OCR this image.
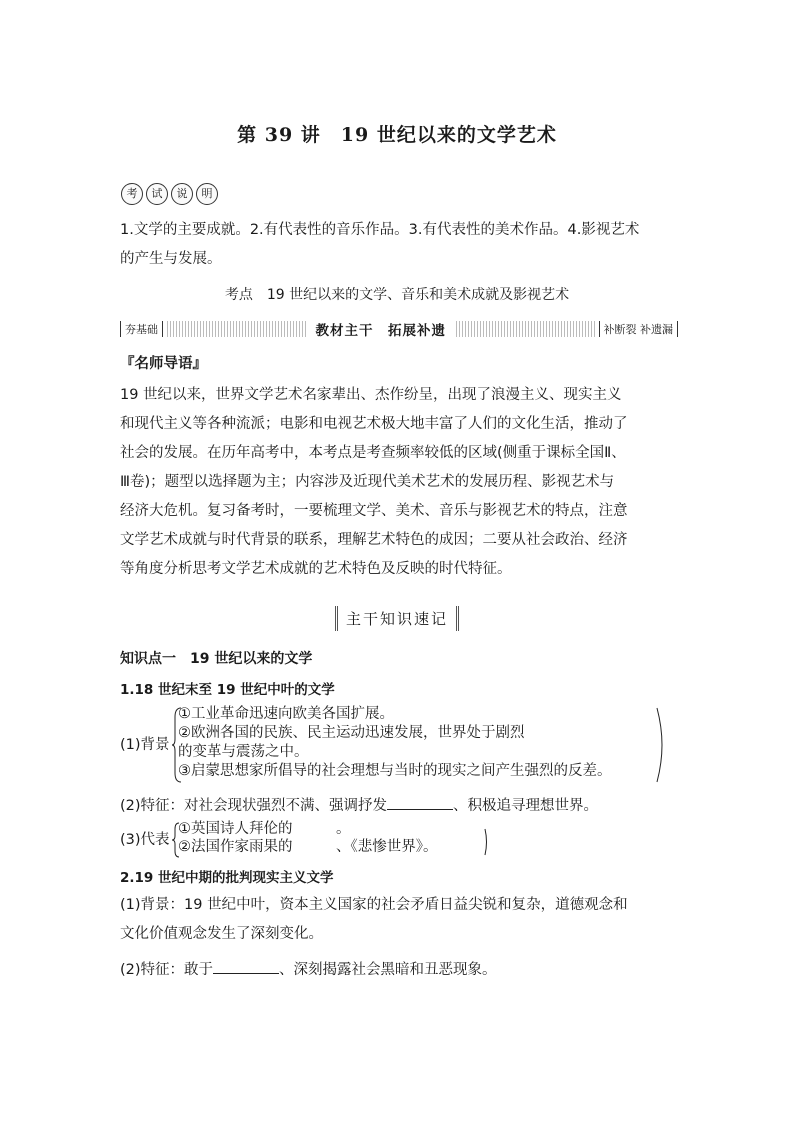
第 39 讲　19 世纪以来的文学艺术
考	试	说	明
1.文学的主要成就。2.有代表性的音乐作品。3.有代表性的美术作品。4.影视艺术
的产生与发展。
考点　19 世纪以来的文学、音乐和美术成就及影视艺术
夯基础	教材主干　拓展补遗	补断裂 补遗漏
『名师导语』
19 世纪以来，世界文学艺术名家辈出、杰作纷呈，出现了浪漫主义、现实主义
和现代主义等各种流派；电影和电视艺术极大地丰富了人们的文化生活，推动了
社会的发展。在历年高考中，本考点是考查频率较低的区域(侧重于课标全国Ⅱ、
Ⅲ卷)；题型以选择题为主；内容涉及近现代美术艺术的发展历程、影视艺术与
经济大危机。复习备考时，一要梳理文学、美术、音乐与影视艺术的特点，注意
文学艺术成就与时代背景的联系，理解艺术特色的成因；二要从社会政治、经济
等角度分析思考文学艺术成就的艺术特色及反映的时代特征。
主干知识速记
知识点一　19 世纪以来的文学
1.18 世纪末至 19 世纪中叶的文学
(1)背景
①工业革命迅速向欧美各国扩展。
②欧洲各国的民族、民主运动迅速发展，世界处于剧烈
的变革与震荡之中。
③启蒙思想家所倡导的社会理想与当时的现实之间产生强烈的反差。
(2)特征：对社会现状强烈不满、强调抒发	、积极追寻理想世界。
(3)代表
①英国诗人拜伦的　　　。
②法国作家雨果的　　　、《悲惨世界》。
2.19 世纪中期的批判现实主义文学
(1)背景：19 世纪中叶，资本主义国家的社会矛盾日益尖锐和复杂，道德观念和
文化价值观念发生了深刻变化。
(2)特征：敢于	、深刻揭露社会黑暗和丑恶现象。
